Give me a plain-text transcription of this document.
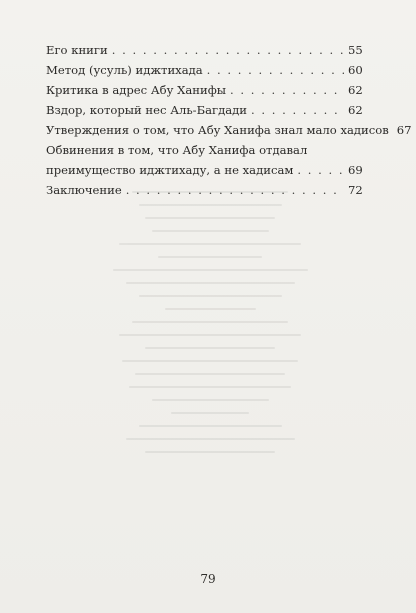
Его книги . . .	55
Метод (усуль) иджтихада . . .	60
Критика в адрес Абу Ханифы . . .	62
Вздор, который нес Аль-Багдади . . .	62
Утверждения о том, что Абу Ханифа знал мало хадисов 67
Обвинения в том, что Абу Ханифа отдавал
преимущество иджтихаду, а не хадисам . . .	69
Заключение . . .	72
79
